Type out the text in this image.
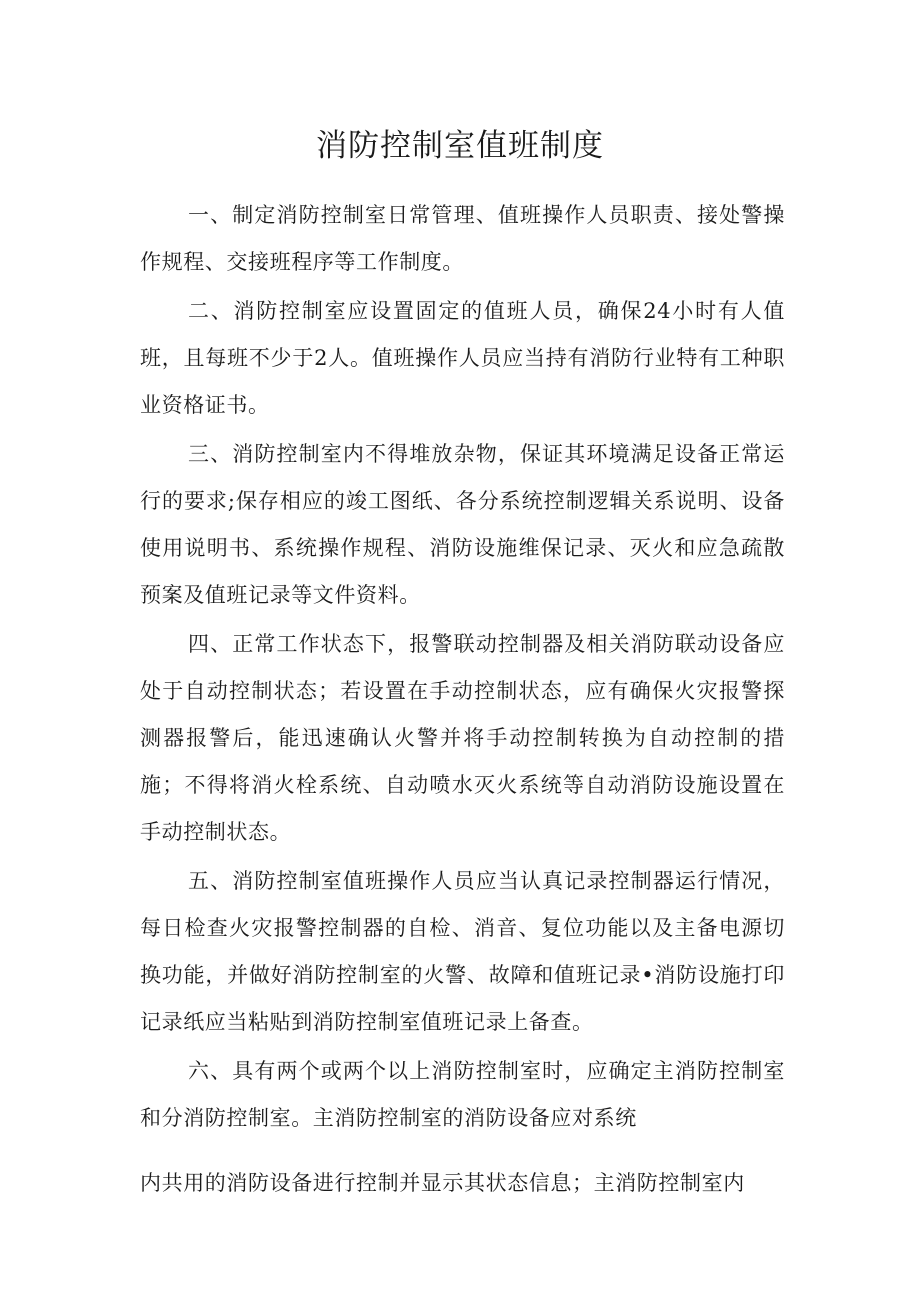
消防控制室值班制度

一、制定消防控制室日常管理、值班操作人员职责、接处警操作规程、交接班程序等工作制度。

二、消防控制室应设置固定的值班人员，确保24小时有人值班，且每班不少于2人。值班操作人员应当持有消防行业特有工种职业资格证书。

三、消防控制室内不得堆放杂物，保证其环境满足设备正常运行的要求;保存相应的竣工图纸、各分系统控制逻辑关系说明、设备使用说明书、系统操作规程、消防设施维保记录、灭火和应急疏散预案及值班记录等文件资料。

四、正常工作状态下，报警联动控制器及相关消防联动设备应处于自动控制状态；若设置在手动控制状态，应有确保火灾报警探测器报警后，能迅速确认火警并将手动控制转换为自动控制的措施；不得将消火栓系统、自动喷水灭火系统等自动消防设施设置在手动控制状态。

五、消防控制室值班操作人员应当认真记录控制器运行情况，每日检查火灾报警控制器的自检、消音、复位功能以及主备电源切换功能，并做好消防控制室的火警、故障和值班记录•消防设施打印记录纸应当粘贴到消防控制室值班记录上备查。

六、具有两个或两个以上消防控制室时，应确定主消防控制室和分消防控制室。主消防控制室的消防设备应对系统

内共用的消防设备进行控制并显示其状态信息；主消防控制室内
